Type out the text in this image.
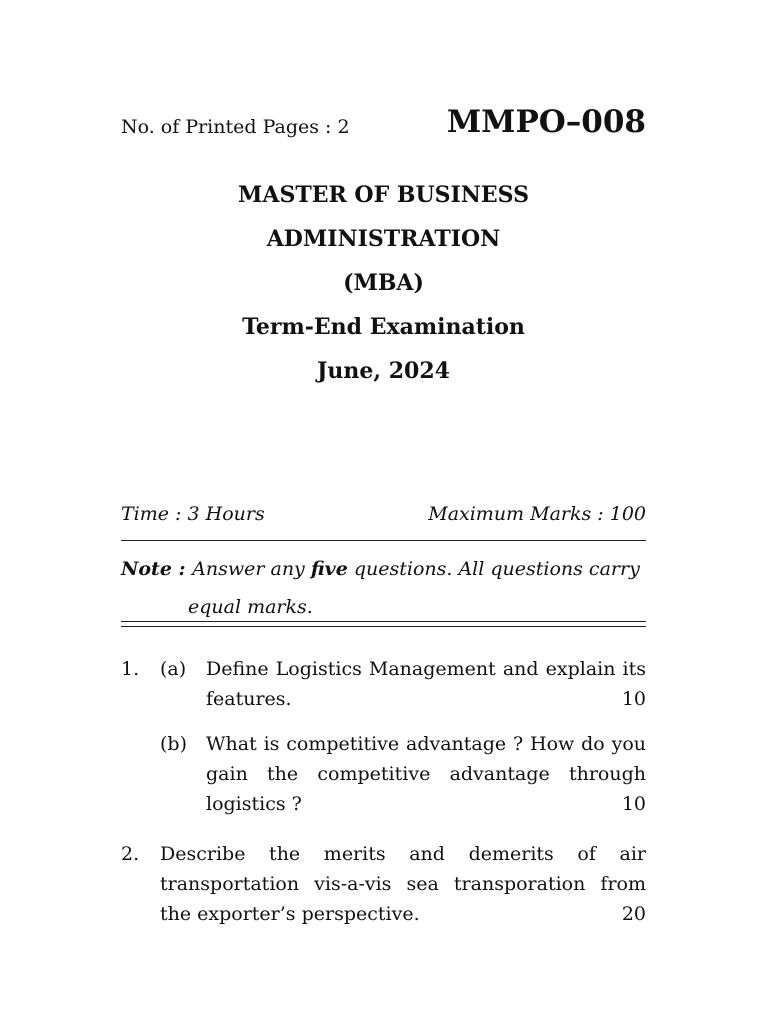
No. of Printed Pages : 2	MMPO–008
MASTER OF BUSINESS
ADMINISTRATION
(MBA)
Term-End Examination
June, 2024
Time : 3 Hours	Maximum Marks : 100
Note : Answer any five questions. All questions carry
equal marks.
1. (a) Define Logistics Management and explain its features.	10
(b) What is competitive advantage ? How do you gain the competitive advantage through logistics ?	10
2. Describe the merits and demerits of air transportation vis-a-vis sea transporation from the exporter’s perspective.	20
